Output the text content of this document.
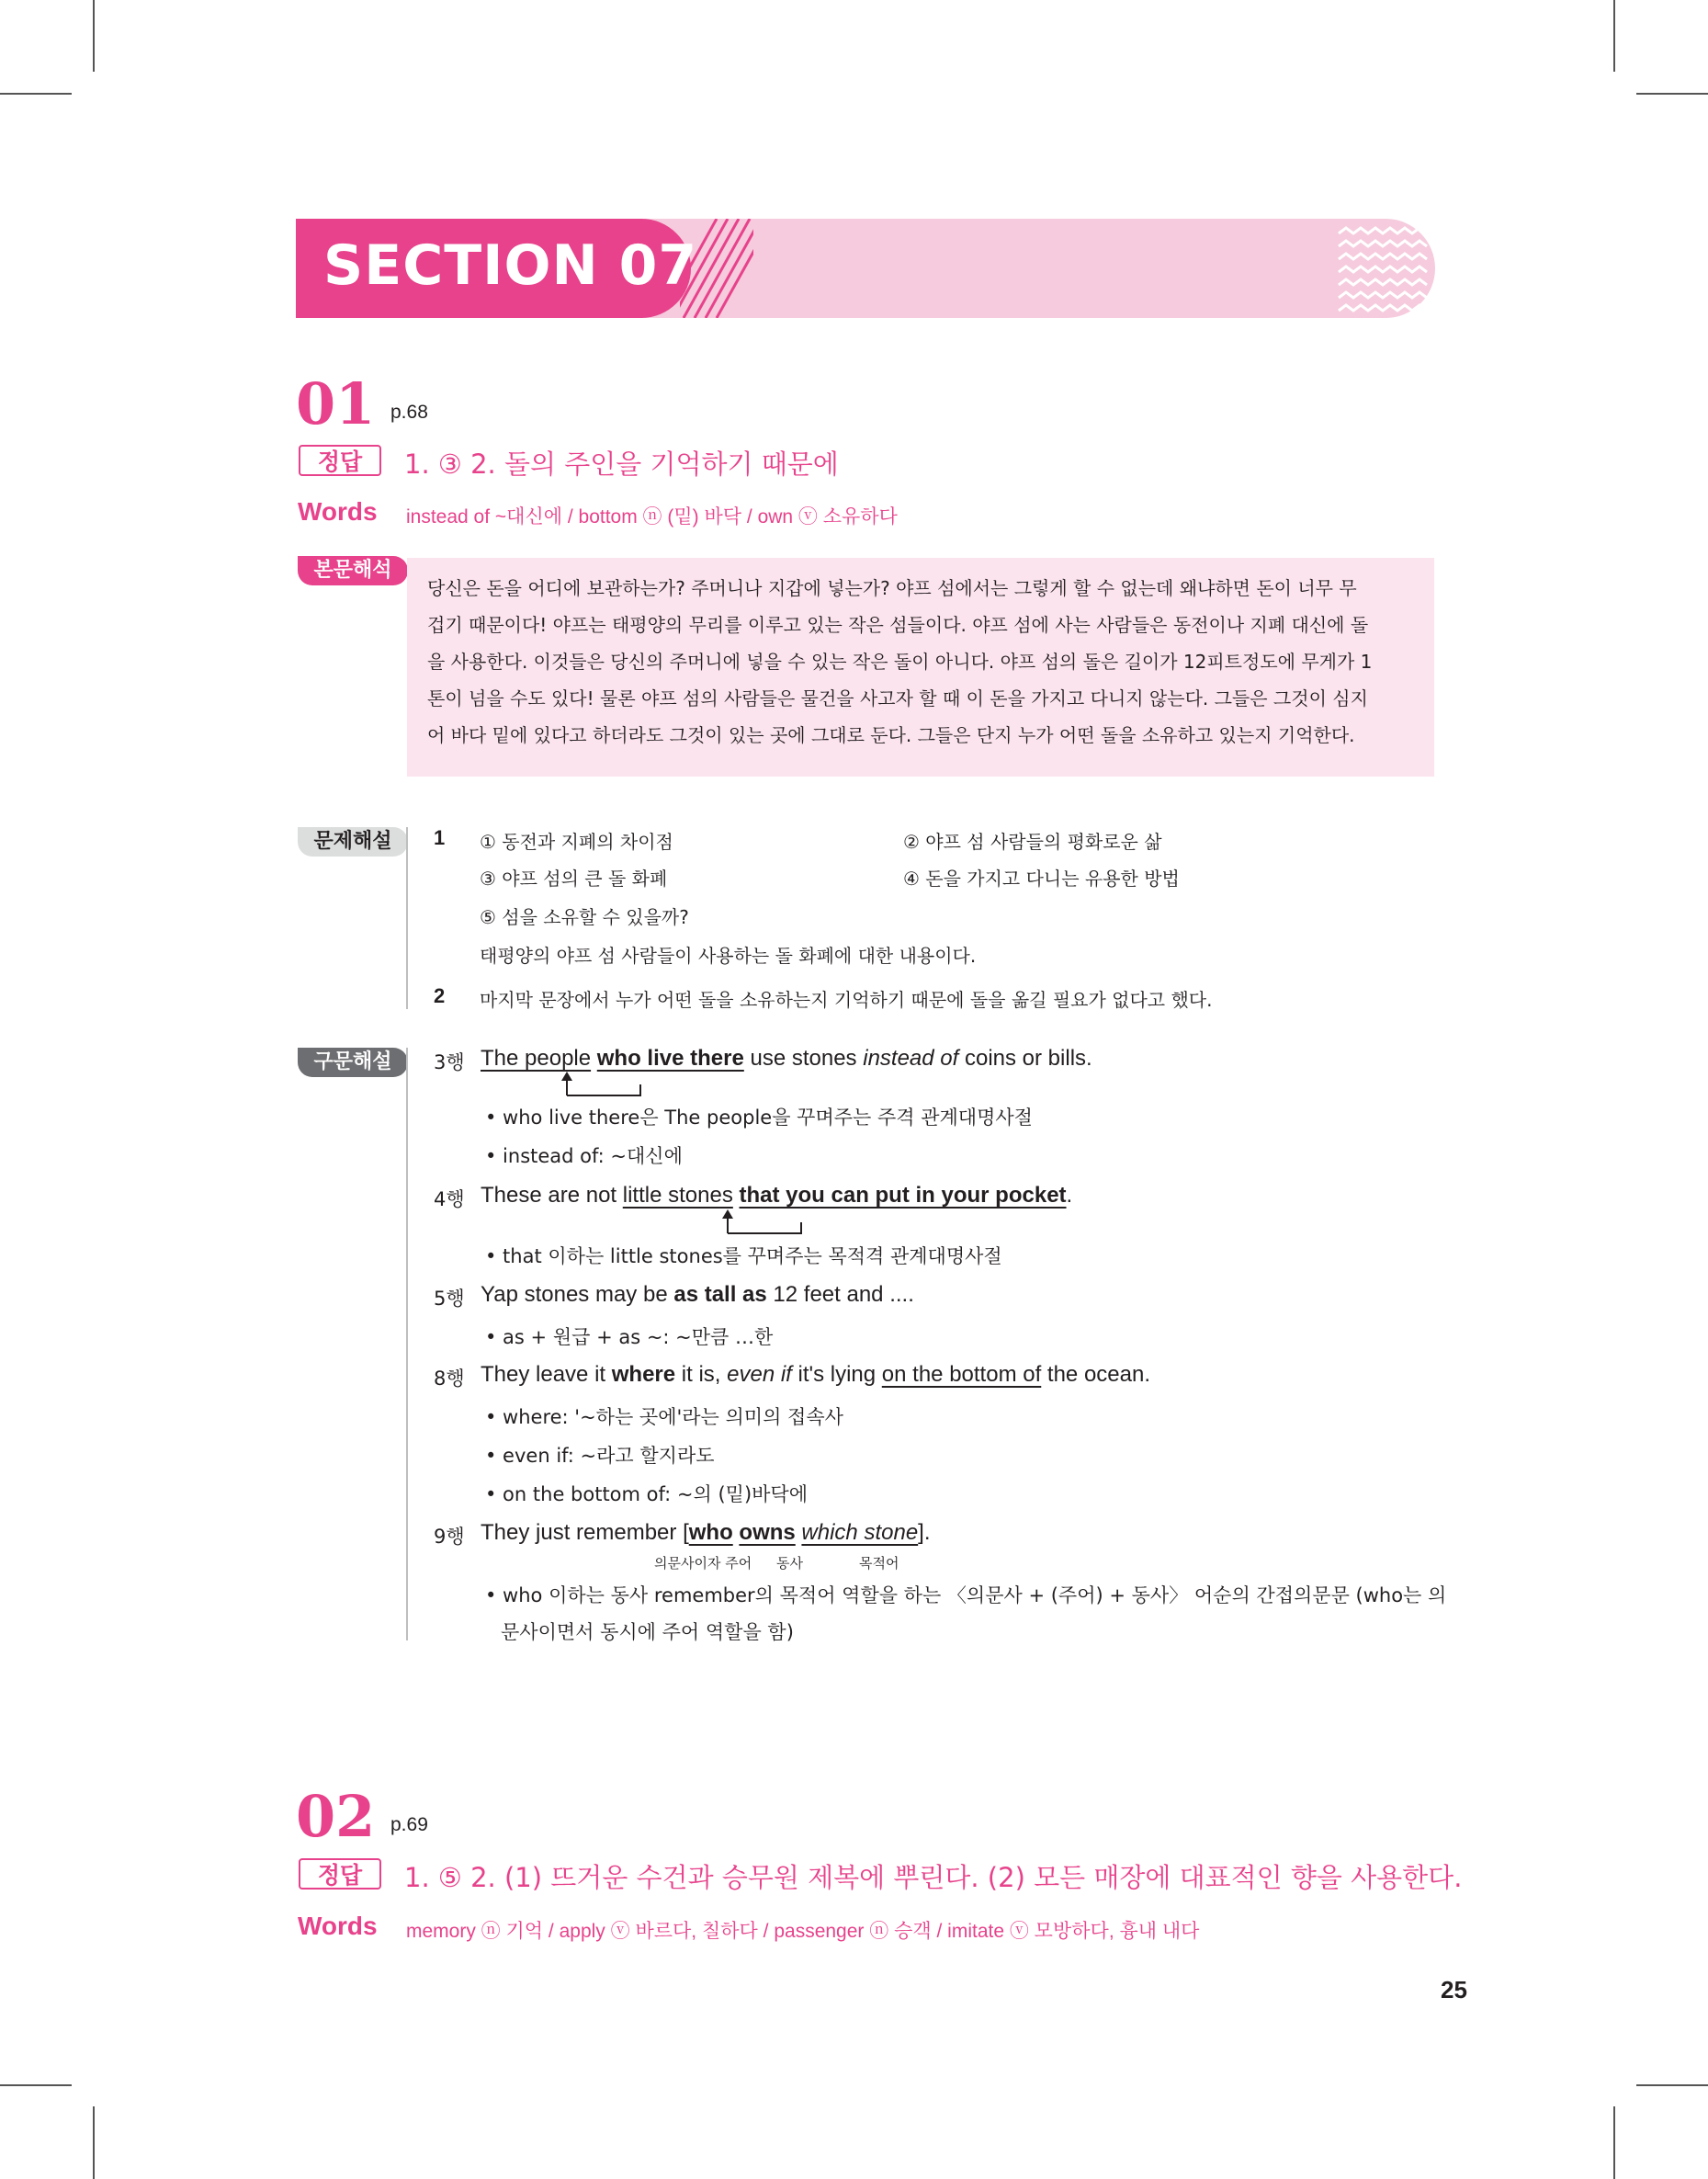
SECTION 07
01 p.68
정답	1. ③ 2. 돌의 주인을 기억하기 때문에
Words instead of ~대신에 / bottom ⓝ (밑) 바닥 / own ⓥ 소유하다
본문해석
당신은 돈을 어디에 보관하는가? 주머니나 지갑에 넣는가? 야프 섬에서는 그렇게 할 수 없는데 왜냐하면 돈이 너무 무
겁기 때문이다! 야프는 태평양의 무리를 이루고 있는 작은 섬들이다. 야프 섬에 사는 사람들은 동전이나 지폐 대신에 돌
을 사용한다. 이것들은 당신의 주머니에 넣을 수 있는 작은 돌이 아니다. 야프 섬의 돌은 길이가 12피트정도에 무게가 1
톤이 넘을 수도 있다! 물론 야프 섬의 사람들은 물건을 사고자 할 때 이 돈을 가지고 다니지 않는다. 그들은 그것이 심지
어 바다 밑에 있다고 하더라도 그것이 있는 곳에 그대로 둔다. 그들은 단지 누가 어떤 돌을 소유하고 있는지 기억한다.
문제해설	1 ① 동전과 지폐의 차이점	② 야프 섬 사람들의 평화로운 삶
③ 야프 섬의 큰 돌 화폐	④ 돈을 가지고 다니는 유용한 방법
⑤ 섬을 소유할 수 있을까?
태평양의 야프 섬 사람들이 사용하는 돌 화폐에 대한 내용이다.
2 마지막 문장에서 누가 어떤 돌을 소유하는지 기억하기 때문에 돌을 옮길 필요가 없다고 했다.
구문해설	3행 The people who live there use stones instead of coins or bills.
• who live there은 The people을 꾸며주는 주격 관계대명사절
• instead of: ~대신에
4행 These are not little stones that you can put in your pocket.
• that 이하는 little stones를 꾸며주는 목적격 관계대명사절
5행 Yap stones may be as tall as 12 feet and ....
• as + 원급 + as ~: ~만큼 …한
8행 They leave it where it is, even if it's lying on the bottom of the ocean.
• where: '~하는 곳에'라는 의미의 접속사
• even if: ~라고 할지라도
• on the bottom of: ~의 (밑)바닥에
9행 They just remember [who owns which stone].
의문사이자 주어 동사	목적어
• who 이하는 동사 remember의 목적어 역할을 하는 〈의문사 + (주어) + 동사〉 어순의 간접의문문 (who는 의
문사이면서 동시에 주어 역할을 함)
02 p.69
정답	1. ⑤ 2. (1) 뜨거운 수건과 승무원 제복에 뿌린다. (2) 모든 매장에 대표적인 향을 사용한다.
Words memory ⓝ 기억 / apply ⓥ 바르다, 칠하다 / passenger ⓝ 승객 / imitate ⓥ 모방하다, 흉내 내다
25
